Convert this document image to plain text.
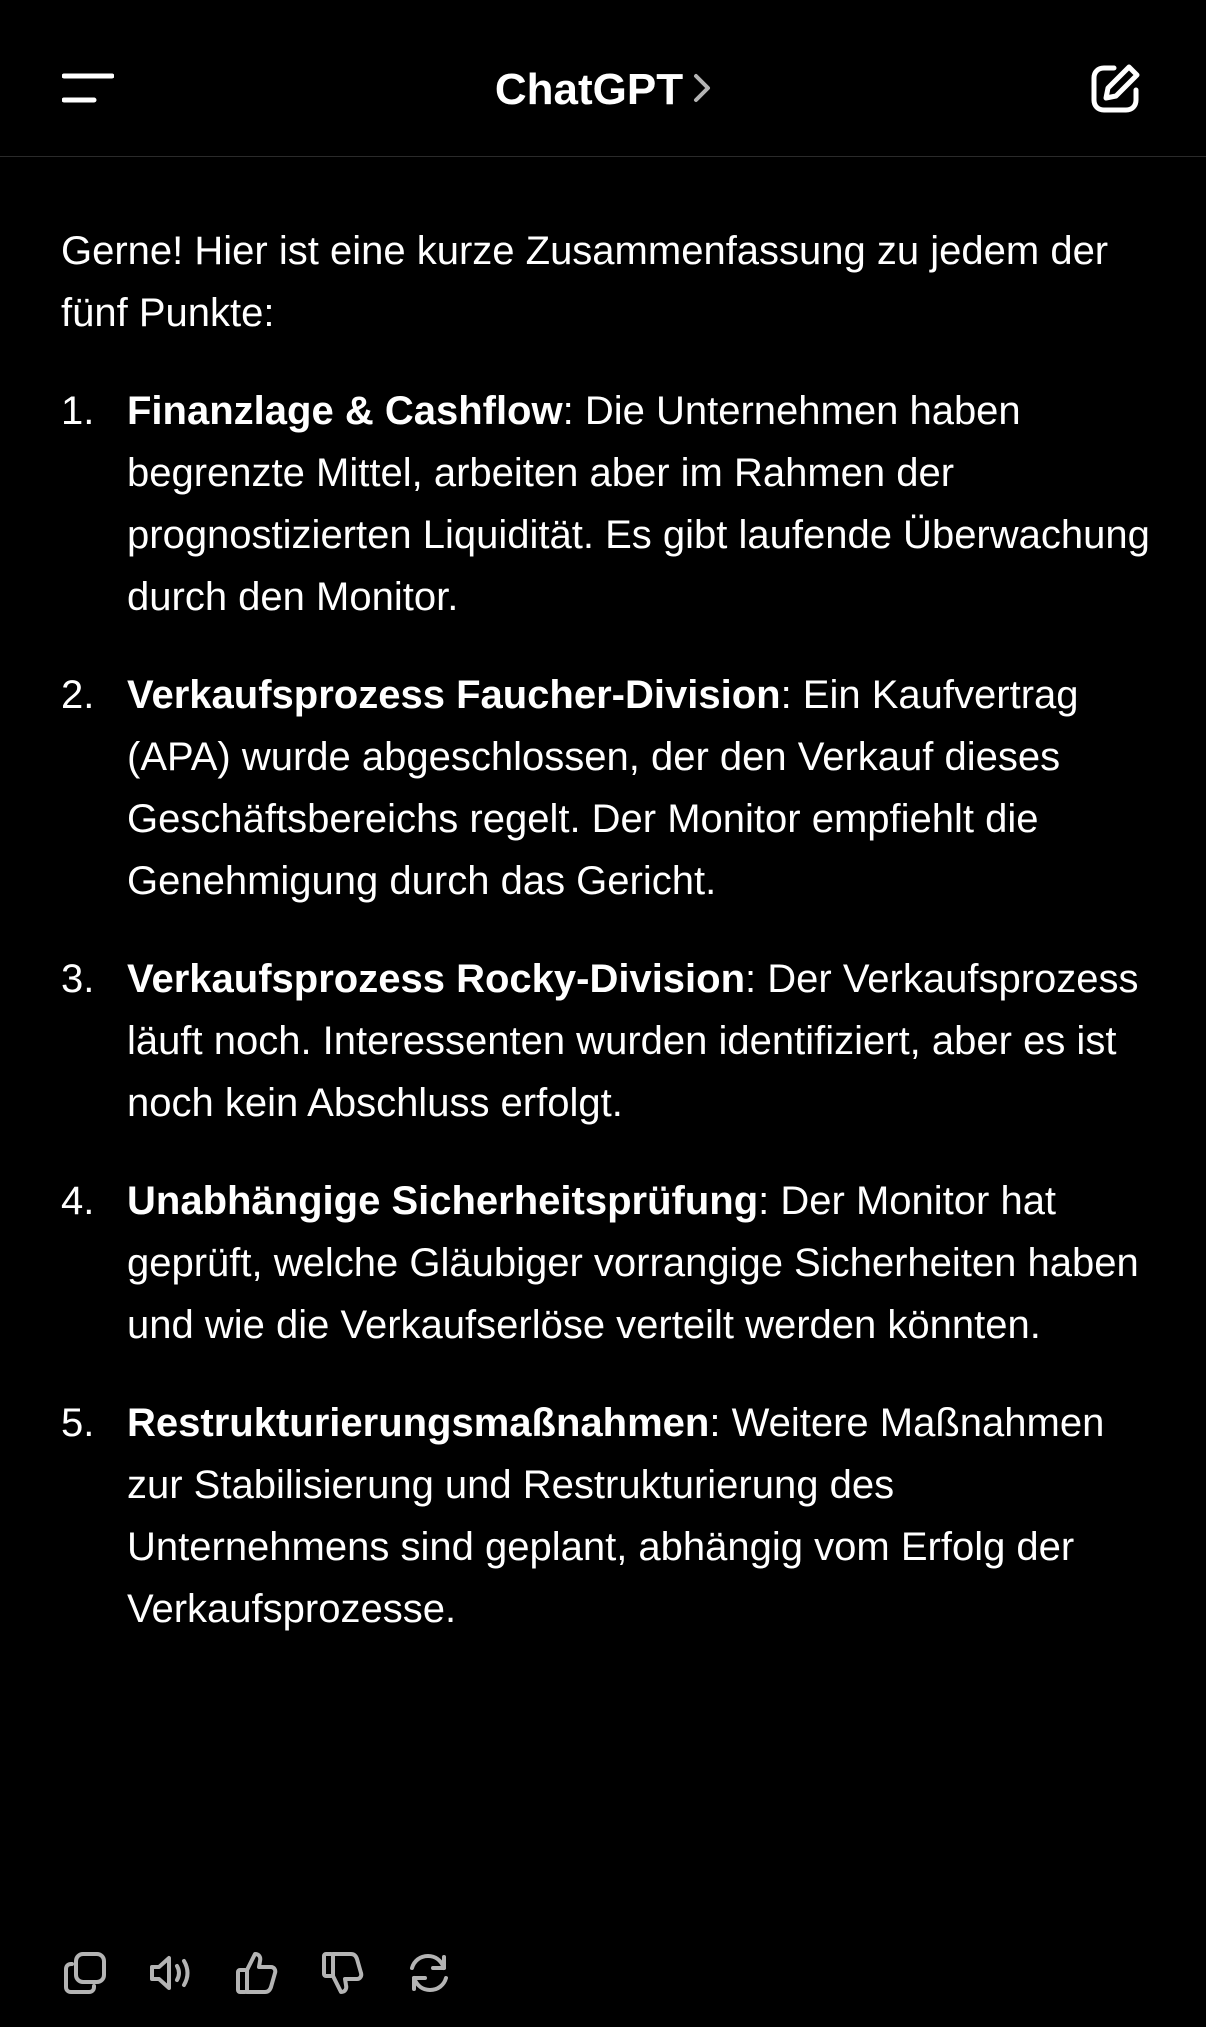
ChatGPT

Gerne! Hier ist eine kurze Zusammenfassung zu jedem der fünf Punkte:

1. Finanzlage & Cashflow: Die Unternehmen haben begrenzte Mittel, arbeiten aber im Rahmen der prognostizierten Liquidität. Es gibt laufende Überwachung durch den Monitor.
2. Verkaufsprozess Faucher-Division: Ein Kaufvertrag (APA) wurde abgeschlossen, der den Verkauf dieses Geschäftsbereichs regelt. Der Monitor empfiehlt die Genehmigung durch das Gericht.
3. Verkaufsprozess Rocky-Division: Der Verkaufsprozess läuft noch. Interessenten wurden identifiziert, aber es ist noch kein Abschluss erfolgt.
4. Unabhängige Sicherheitsprüfung: Der Monitor hat geprüft, welche Gläubiger vorrangige Sicherheiten haben und wie die Verkaufserlöse verteilt werden könnten.
5. Restrukturierungsmaßnahmen: Weitere Maßnahmen zur Stabilisierung und Restrukturierung des Unternehmens sind geplant, abhängig vom Erfolg der Verkaufsprozesse.
